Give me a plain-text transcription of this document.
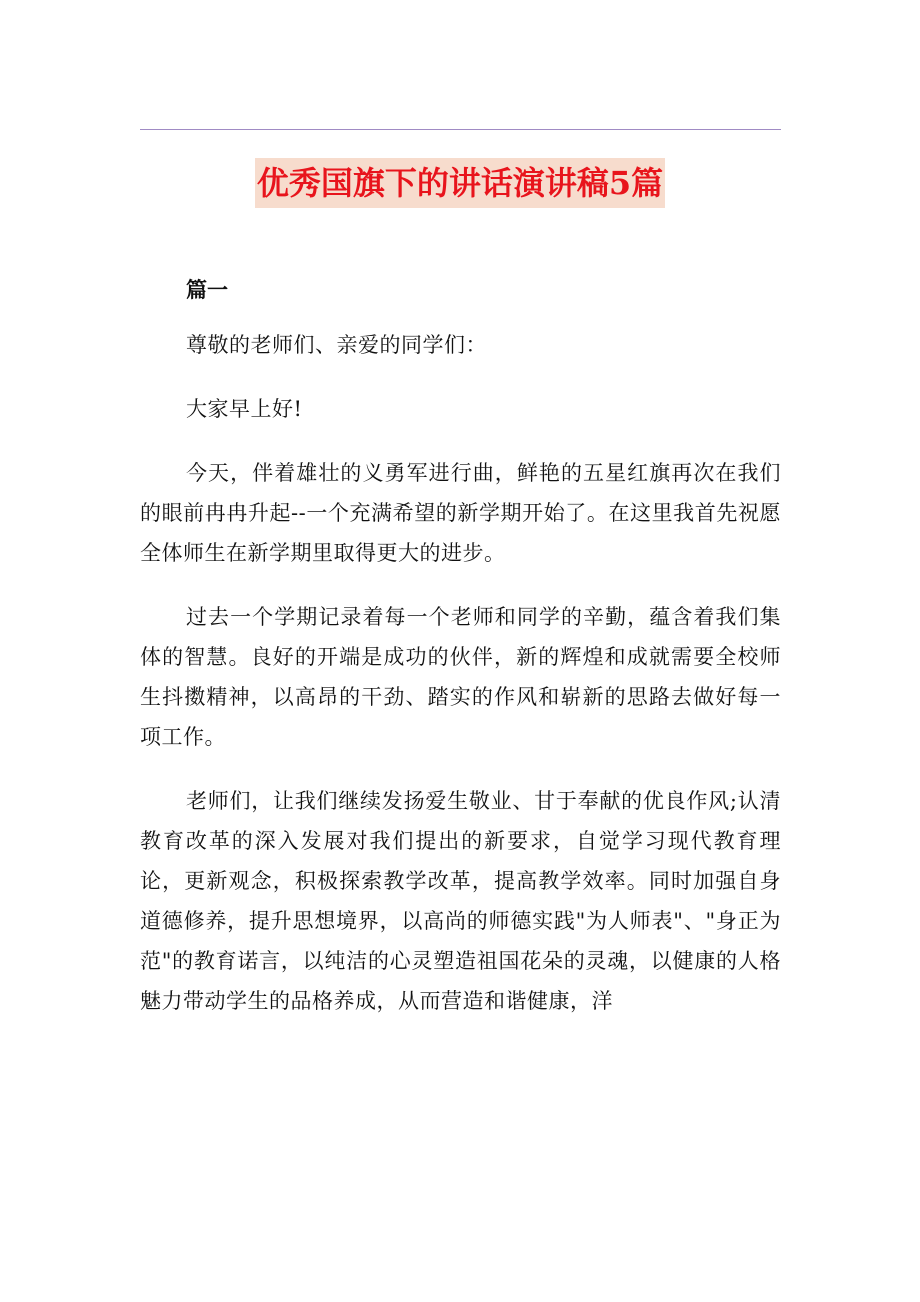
优秀国旗下的讲话演讲稿5篇

篇一

尊敬的老师们、亲爱的同学们：

大家早上好!

今天，伴着雄壮的义勇军进行曲，鲜艳的五星红旗再次在我们的眼前冉冉升起--一个充满希望的新学期开始了。在这里我首先祝愿全体师生在新学期里取得更大的进步。

过去一个学期记录着每一个老师和同学的辛勤，蕴含着我们集体的智慧。良好的开端是成功的伙伴，新的辉煌和成就需要全校师生抖擞精神，以高昂的干劲、踏实的作风和崭新的思路去做好每一项工作。

老师们，让我们继续发扬爱生敬业、甘于奉献的优良作风;认清教育改革的深入发展对我们提出的新要求，自觉学习现代教育理论，更新观念，积极探索教学改革，提高教学效率。同时加强自身道德修养，提升思想境界，以高尚的师德实践"为人师表"、"身正为范"的教育诺言，以纯洁的心灵塑造祖国花朵的灵魂，以健康的人格魅力带动学生的品格养成，从而营造和谐健康，洋
